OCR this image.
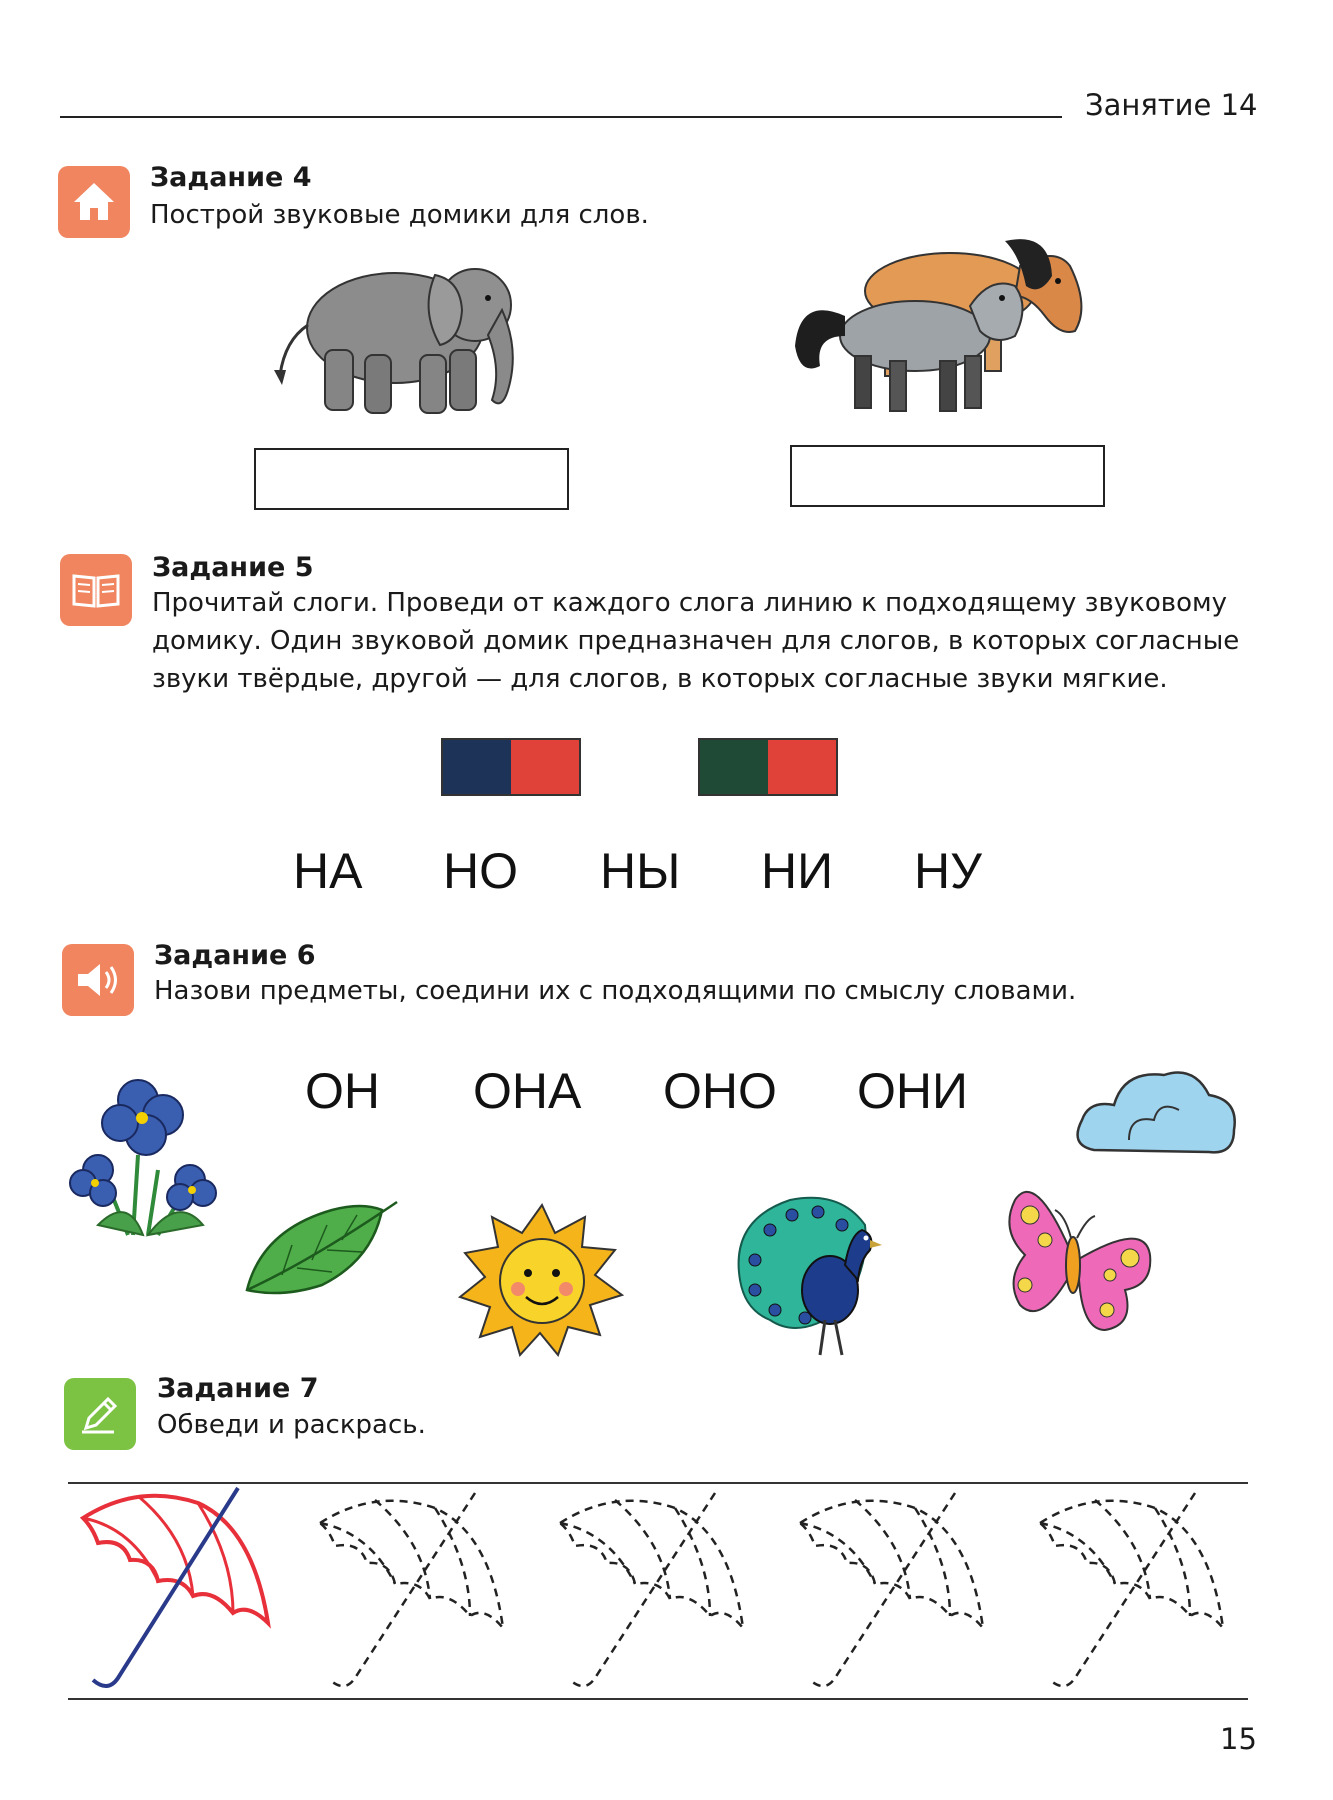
Занятие 14
Задание 4
Построй звуковые домики для слов.
Задание 5
Прочитай слоги. Проведи от каждого слога линию к подходящему звуковому
домику. Один звуковой домик предназначен для слогов, в которых согласные
звуки твёрдые, другой — для слогов, в которых согласные звуки мягкие.
НА НО НЫ НИ НУ
Задание 6
Назови предметы, соедини их с подходящими по смыслу словами.
ОН ОНА ОНО ОНИ
Задание 7
Обведи и раскрась.
15
